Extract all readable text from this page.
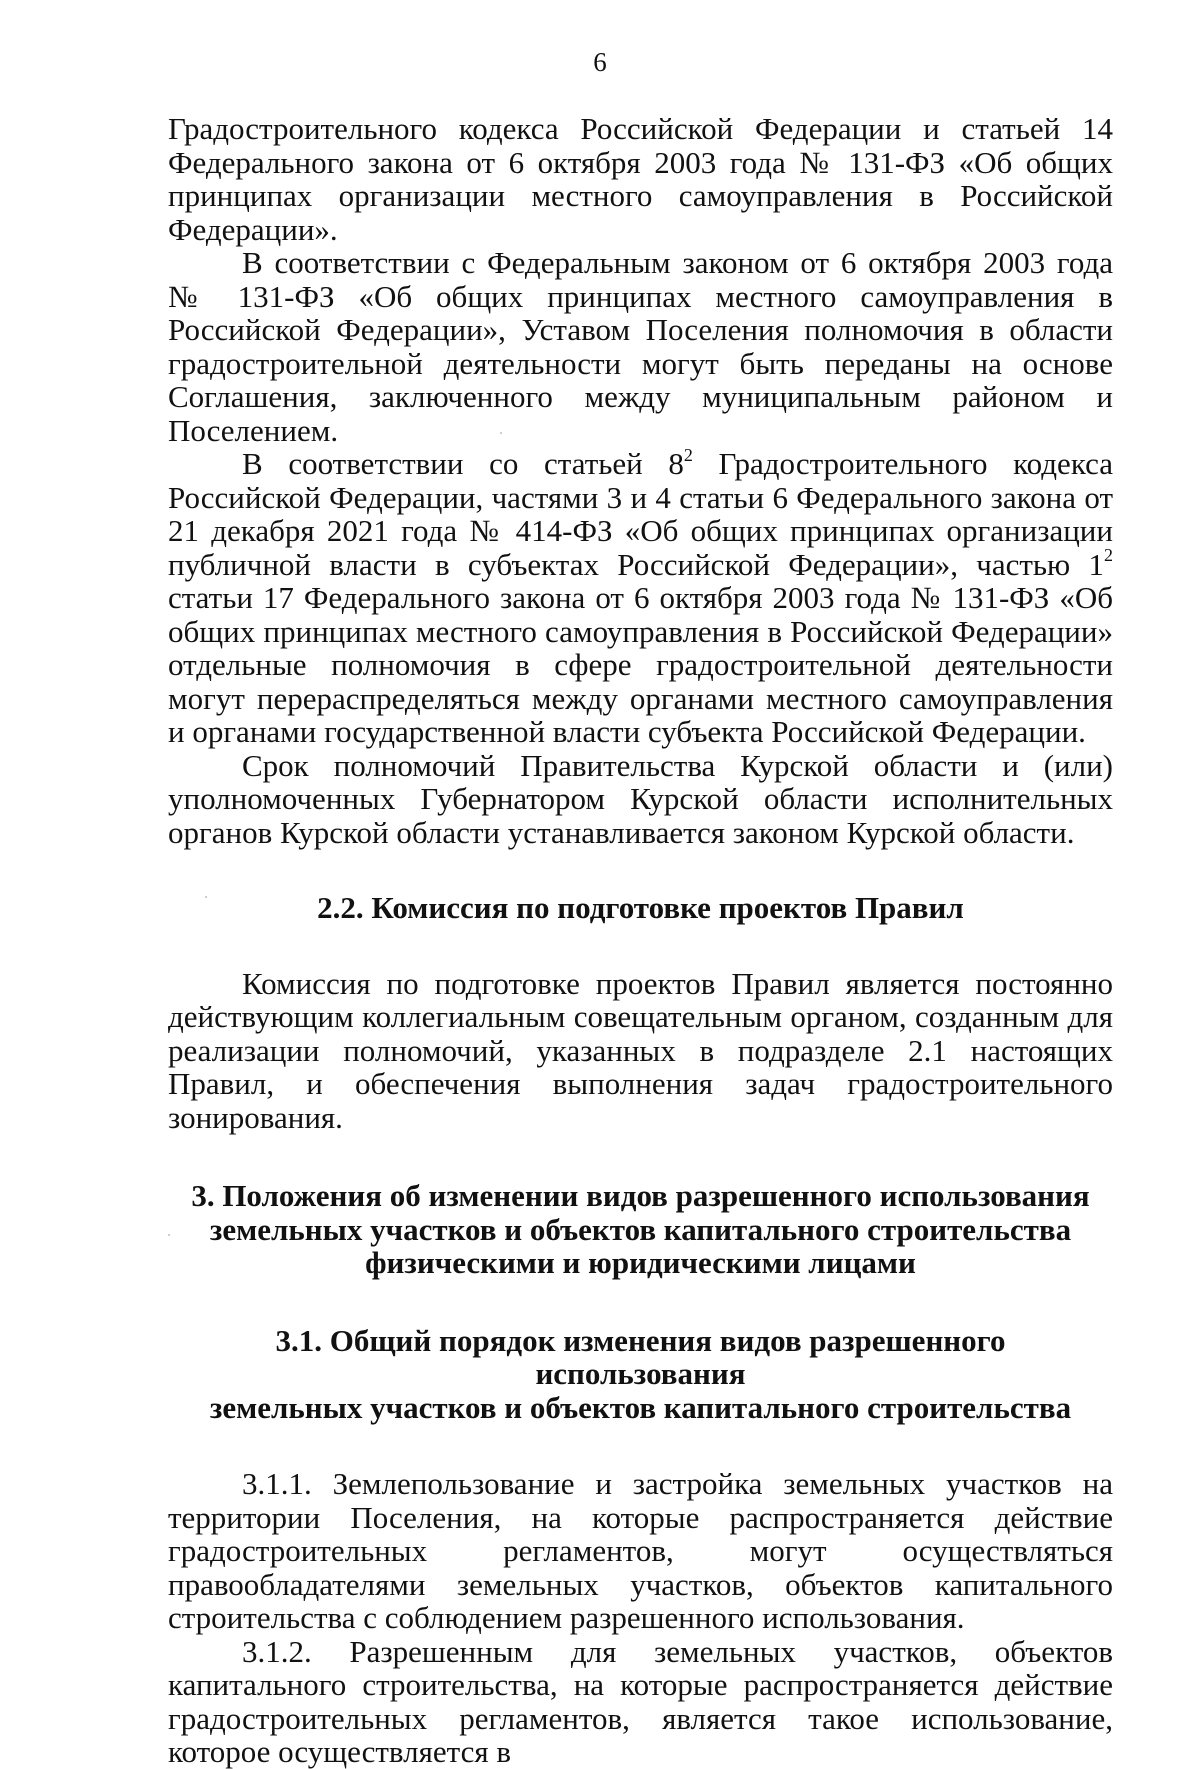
6

Градостроительного кодекса Российской Федерации и статьей 14 Федерального закона от 6 октября 2003 года № 131-ФЗ «Об общих принципах организации местного самоуправления в Российской Федерации».

В соответствии с Федеральным законом от 6 октября 2003 года № 131-ФЗ «Об общих принципах местного самоуправления в Российской Федерации», Уставом Поселения полномочия в области градостроительной деятельности могут быть переданы на основе Соглашения, заключенного между муниципальным районом и Поселением.

В соответствии со статьей $8^2$ Градостроительного кодекса Российской Федерации, частями 3 и 4 статьи 6 Федерального закона от 21 декабря 2021 года № 414-ФЗ «Об общих принципах организации публичной власти в субъектах Российской Федерации», частью $1^2$ статьи 17 Федерального закона от 6 октября 2003 года № 131-ФЗ «Об общих принципах местного самоуправления в Российской Федерации» отдельные полномочия в сфере градостроительной деятельности могут перераспределяться между органами местного самоуправления и органами государственной власти субъекта Российской Федерации.

Срок полномочий Правительства Курской области и (или) уполномоченных Губернатором Курской области исполнительных органов Курской области устанавливается законом Курской области.

2.2. Комиссия по подготовке проектов Правил

Комиссия по подготовке проектов Правил является постоянно действующим коллегиальным совещательным органом, созданным для реализации полномочий, указанных в подразделе 2.1 настоящих Правил, и обеспечения выполнения задач градостроительного зонирования.

3. Положения об изменении видов разрешенного использования
земельных участков и объектов капитального строительства
физическими и юридическими лицами
3.1. Общий порядок изменения видов разрешенного использования
земельных участков и объектов капитального строительства

3.1.1. Землепользование и застройка земельных участков на территории Поселения, на которые распространяется действие градостроительных регламентов, могут осуществляться правообладателями земельных участков, объектов капитального строительства с соблюдением разрешенного использования.

3.1.2. Разрешенным для земельных участков, объектов капитального строительства, на которые распространяется действие градостроительных регламентов, является такое использование, которое осуществляется в
